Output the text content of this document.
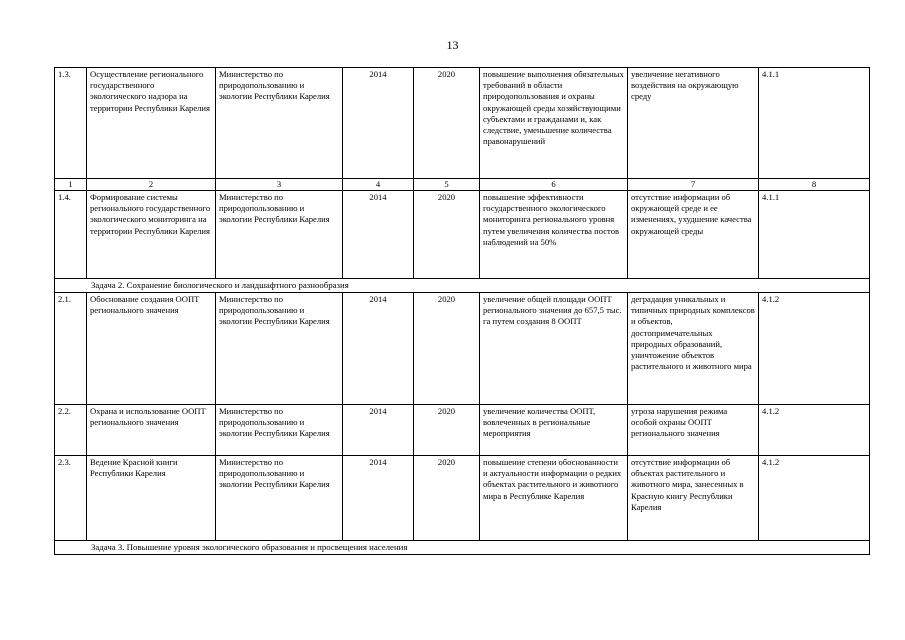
13
1.3.	Осуществление регионального государственного экологического надзора на территории Республики Карелия	Министерство по природопользованию и экологии Республики Карелия	2014	2020	повышение выполнения обязательных требований в области природопользования и охраны окружающей среды хозяйствующими субъектами и гражданами и, как следствие, уменьшение количества правонарушений	увеличение негативного воздействия на окружающую среду	4.1.1
1	2	3	4	5	6	7	8
1.4.	Формирование системы регионального государственного экологического мониторинга на территории Республики Карелия	Министерство по природопользованию и экологии Республики Карелия	2014	2020	повышение эффективности государственного экологического мониторинга регионального уровня путем увеличения количества постов наблюдений на 50%	отсутствие информации об окружающей среде и ее изменениях, ухудшение качества окружающей среды	4.1.1
Задача 2. Сохранение биологического и ландшафтного разнообразия							
2.1.	Обоснование создания ООПТ регионального значения	Министерство по природопользованию и экологии Республики Карелия	2014	2020	увеличение общей площади ООПТ регионального значения до 657,5 тыс. га путем создания 8 ООПТ	деградация уникальных и типичных природных комплексов и объектов, достопримечательных природных образований, уничтожение объектов растительного и животного мира	4.1.2
2.2.	Охрана и использование ООПТ регионального значения	Министерство по природопользованию и экологии Республики Карелия	2014	2020	увеличение количества ООПТ, вовлеченных в региональные мероприятия	угроза нарушения режима особой охраны ООПТ регионального значения	4.1.2
2.3.	Ведение Красной книги Республики Карелия	Министерство по природопользованию и экологии Республики Карелия	2014	2020	повышение степени обоснованности и актуальности информации о редких объектах растительного и животного мира в Республике Карелия	отсутствие информации об объектах растительного и животного мира, занесенных в Красную книгу Республики Карелия	4.1.2
Задача 3. Повышение уровня экологического образования и просвещения населения							
